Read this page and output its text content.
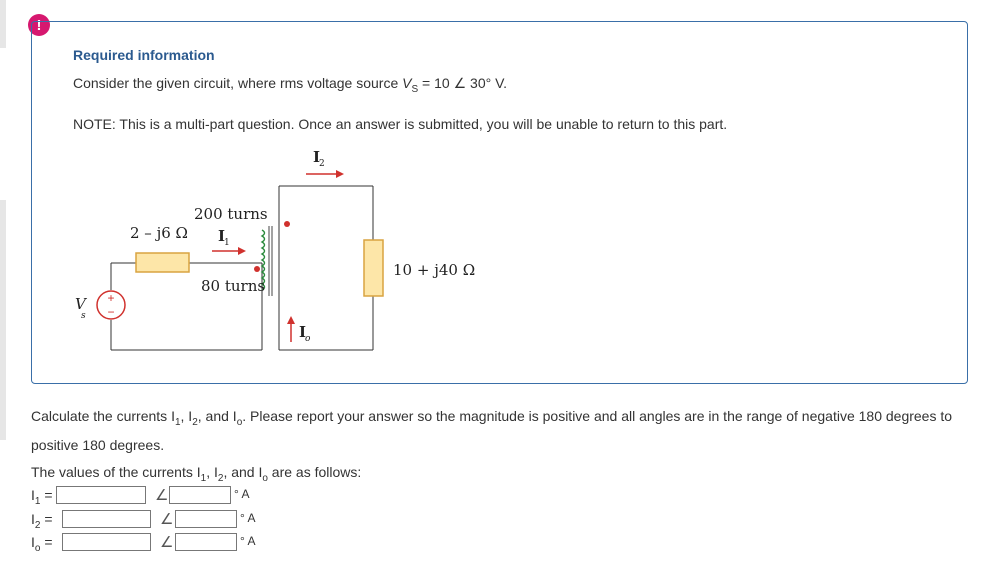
!
Required information
Consider the given circuit, where rms voltage source $V_S = 10$ ∠ 30° V.
NOTE: This is a multi-part question. Once an answer is submitted, you will be unable to return to this part.
2 – j6 Ω
10 + j40 Ω
+
−
V
s
200 turns
80 turns
I
1
I
2
I
o
Calculate the currents $I_1$, $I_2$, and $I_o$. Please report your answer so the magnitude is positive and all angles are in the range of negative 180 degrees to positive 180 degrees.
The values of the currents $I_1$, $I_2$, and $I_o$ are as follows:
$I_1$ =	∠	° A
$I_2$ =	∠	° A
$I_o$ =	∠	° A
